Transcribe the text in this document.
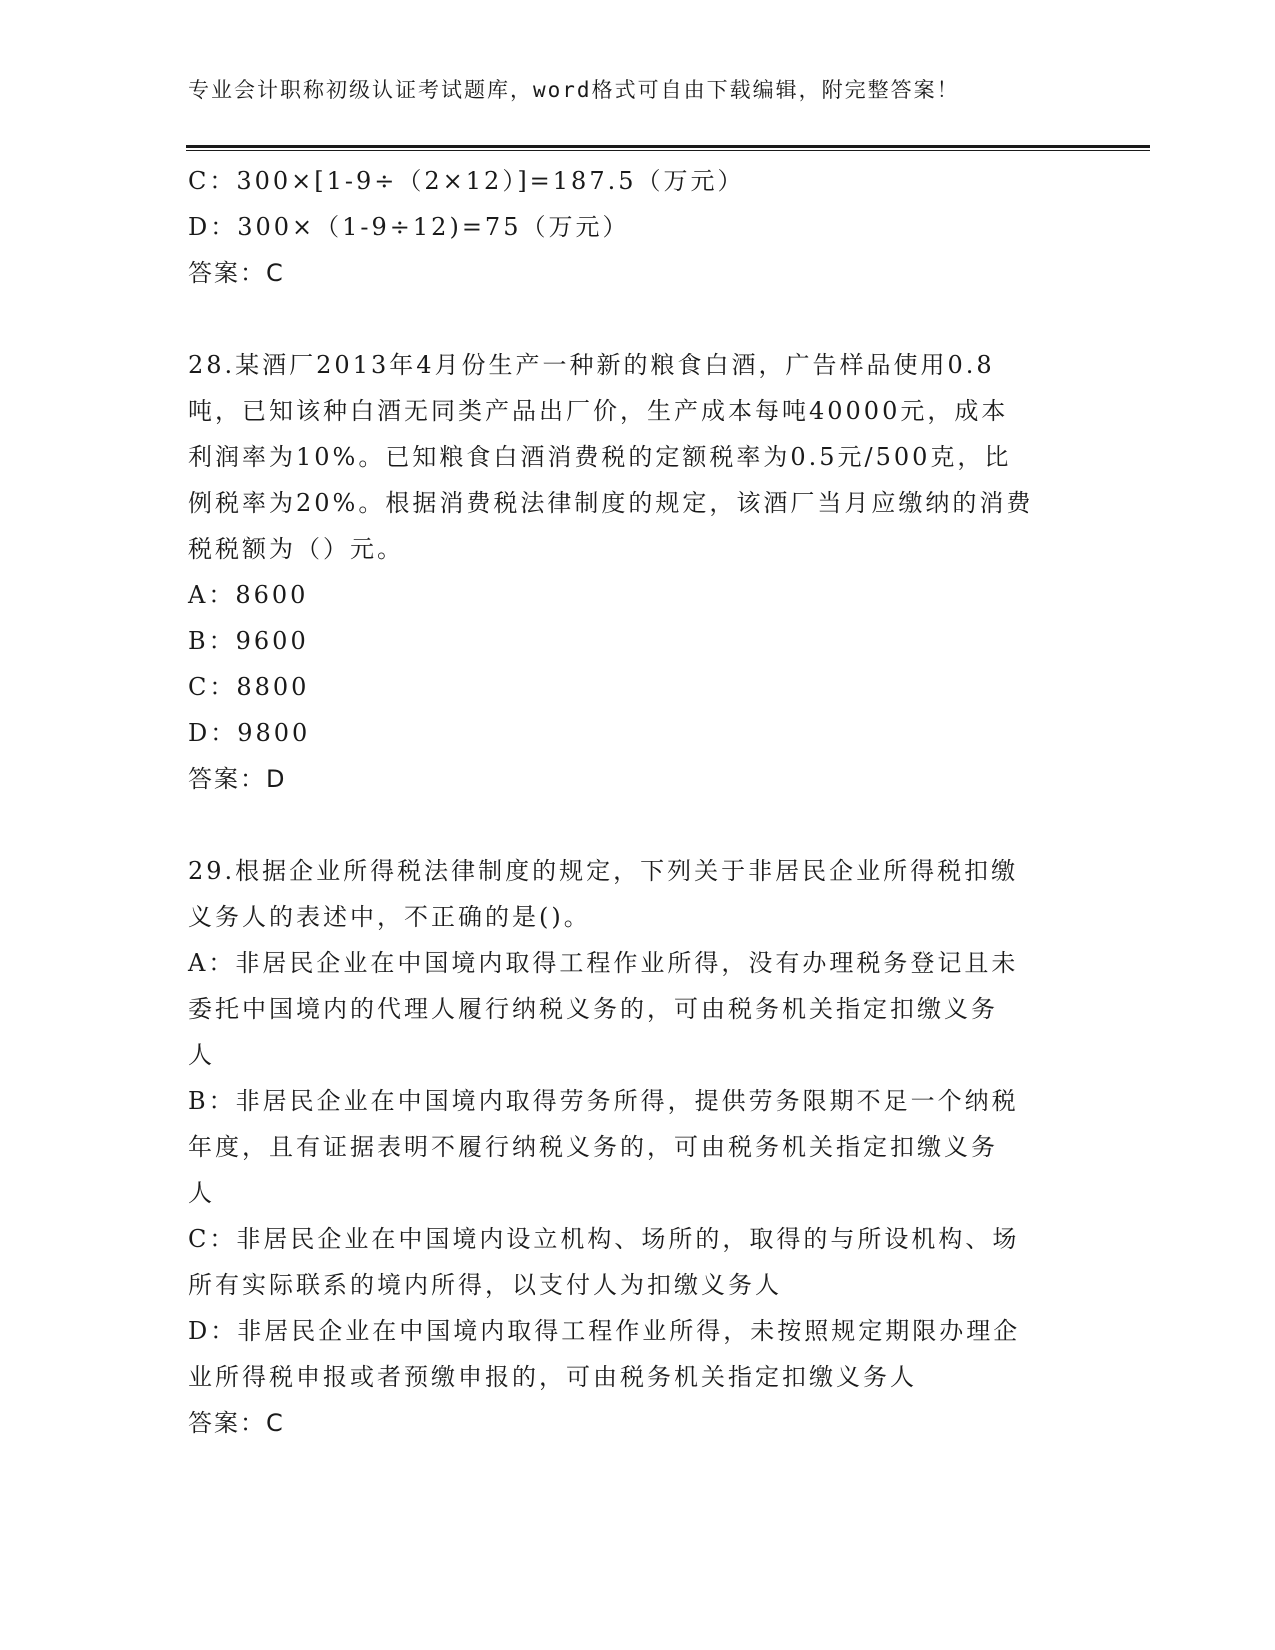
专业会计职称初级认证考试题库，word格式可自由下载编辑，附完整答案！
C：300×[1-9÷（2×12）]=187.5（万元）
D：300×（1-9÷12)=75（万元）
答案：C
28.某酒厂2013年4月份生产一种新的粮食白酒，广告样品使用0.8
吨，已知该种白酒无同类产品出厂价，生产成本每吨40000元，成本
利润率为10%。已知粮食白酒消费税的定额税率为0.5元/500克，比
例税率为20%。根据消费税法律制度的规定，该酒厂当月应缴纳的消费
税税额为（）元。
A：8600
B：9600
C：8800
D：9800
答案：D
29.根据企业所得税法律制度的规定，下列关于非居民企业所得税扣缴
义务人的表述中，不正确的是()。
A：非居民企业在中国境内取得工程作业所得，没有办理税务登记且未
委托中国境内的代理人履行纳税义务的，可由税务机关指定扣缴义务
人
B：非居民企业在中国境内取得劳务所得，提供劳务限期不足一个纳税
年度，且有证据表明不履行纳税义务的，可由税务机关指定扣缴义务
人
C：非居民企业在中国境内设立机构、场所的，取得的与所设机构、场
所有实际联系的境内所得，以支付人为扣缴义务人
D：非居民企业在中国境内取得工程作业所得，未按照规定期限办理企
业所得税申报或者预缴申报的，可由税务机关指定扣缴义务人
答案：C
